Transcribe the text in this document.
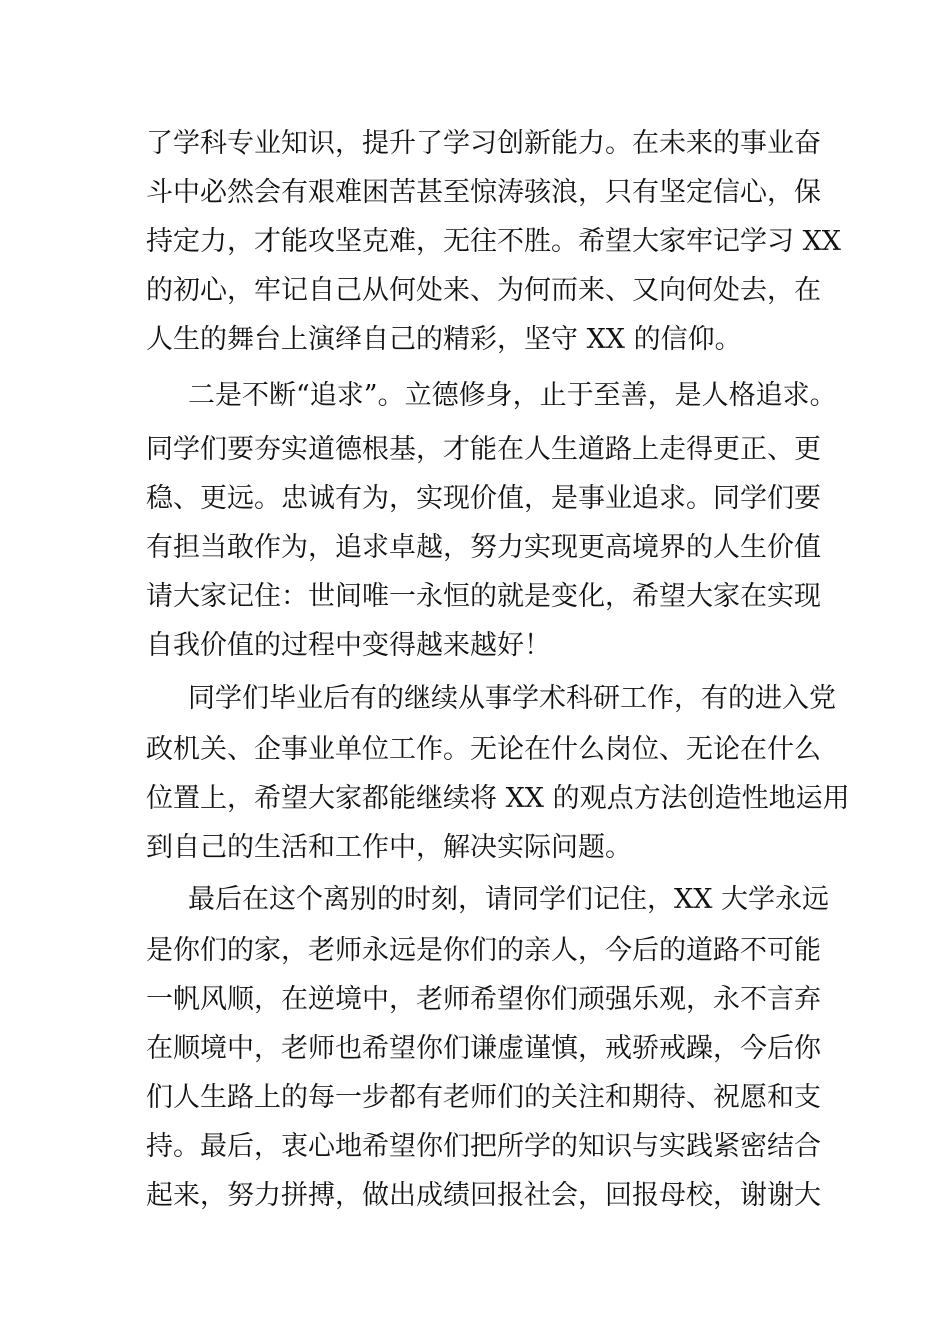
了学科专业知识，提升了学习创新能力。在未来的事业奋
斗中必然会有艰难困苦甚至惊涛骇浪，只有坚定信心，保
持定力，才能攻坚克难，无往不胜。希望大家牢记学习 XX
的初心，牢记自己从何处来、为何而来、又向何处去，在
人生的舞台上演绎自己的精彩，坚守 XX 的信仰。
二是不断“追求”。立德修身，止于至善，是人格追求。
同学们要夯实道德根基，才能在人生道路上走得更正、更
稳、更远。忠诚有为，实现价值，是事业追求。同学们要
有担当敢作为，追求卓越，努力实现更高境界的人生价值
请大家记住：世间唯一永恒的就是变化，希望大家在实现
自我价值的过程中变得越来越好！
同学们毕业后有的继续从事学术科研工作，有的进入党
政机关、企事业单位工作。无论在什么岗位、无论在什么
位置上，希望大家都能继续将 XX 的观点方法创造性地运用
到自己的生活和工作中，解决实际问题。
最后在这个离别的时刻，请同学们记住，XX 大学永远
是你们的家，老师永远是你们的亲人，今后的道路不可能
一帆风顺，在逆境中，老师希望你们顽强乐观，永不言弃
在顺境中，老师也希望你们谦虚谨慎，戒骄戒躁，今后你
们人生路上的每一步都有老师们的关注和期待、祝愿和支
持。最后，衷心地希望你们把所学的知识与实践紧密结合
起来，努力拼搏，做出成绩回报社会，回报母校，谢谢大
